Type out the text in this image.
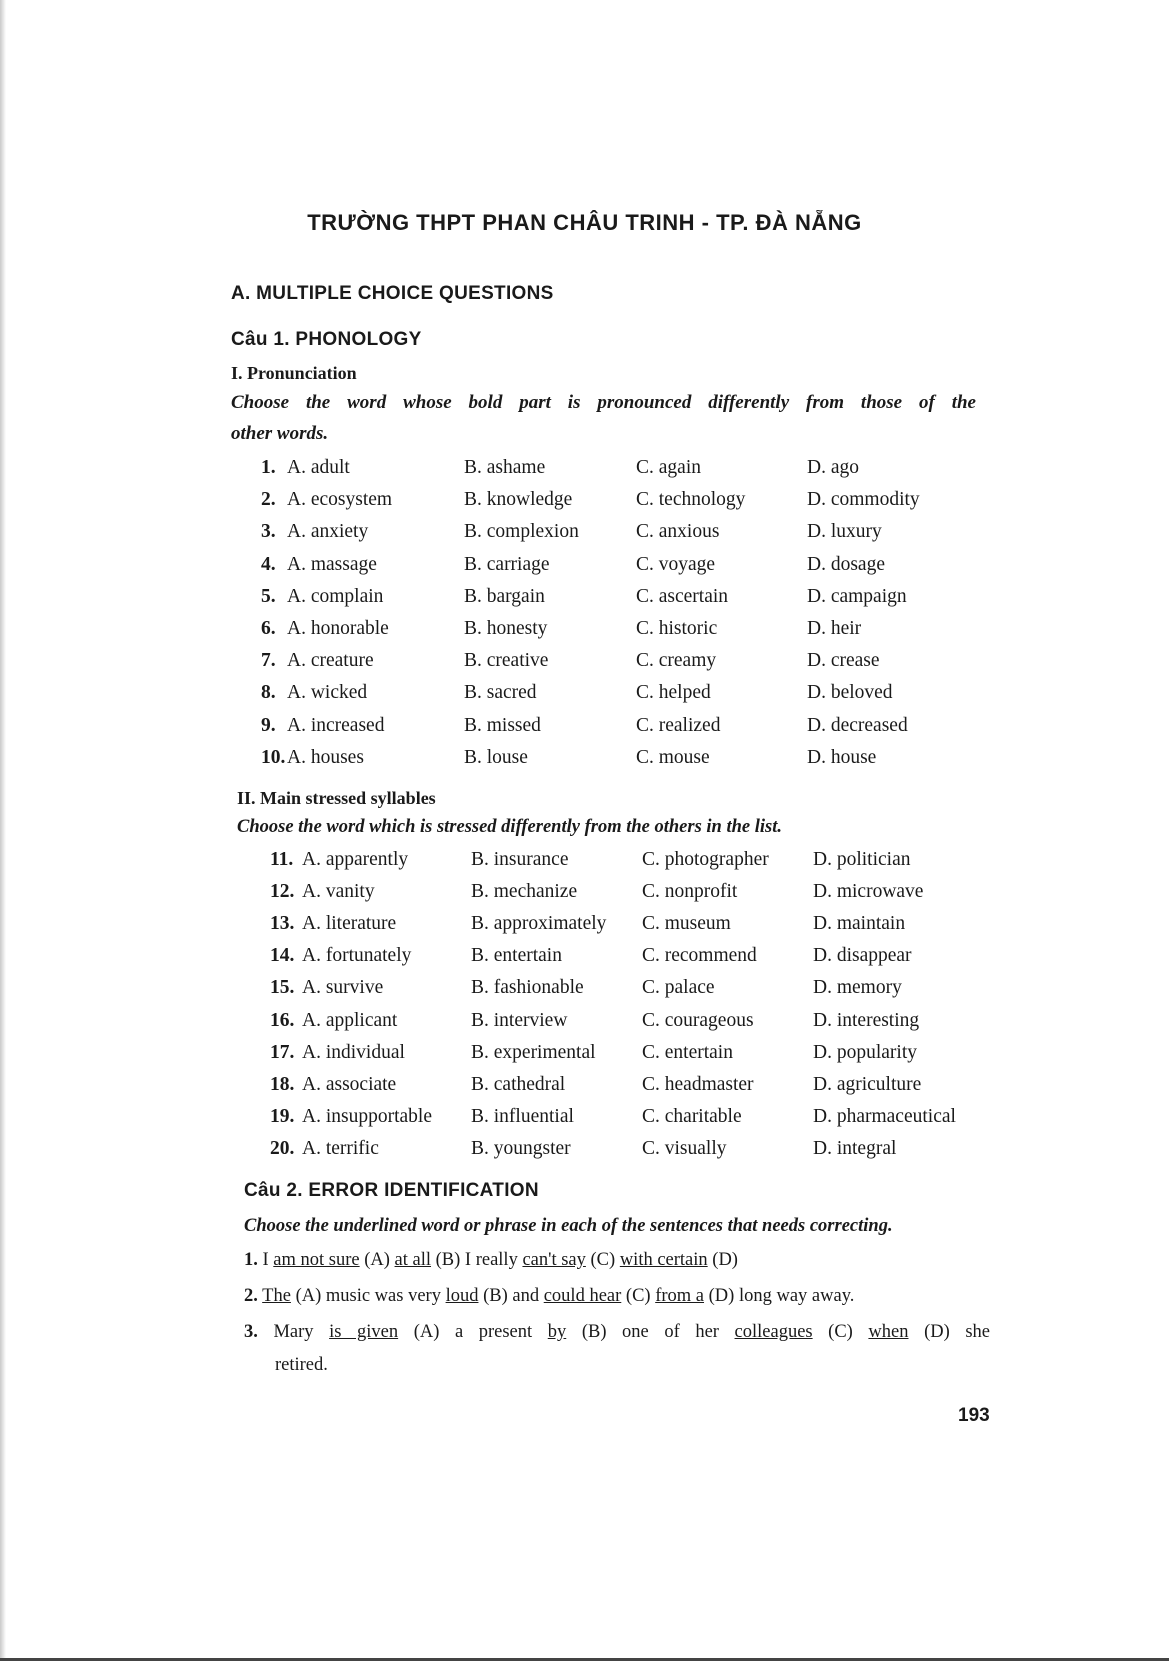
TRƯỜNG THPT PHAN CHÂU TRINH - TP. ĐÀ NẴNG
A. MULTIPLE CHOICE QUESTIONS
Câu 1. PHONOLOGY
I. Pronunciation
Choose the word whose bold part is pronounced differently from those of the
other words.
1. A. adult	B. ashame	C. again	D. ago
2. A. ecosystem	B. knowledge	C. technology	D. commodity
3. A. anxiety	B. complexion	C. anxious	D. luxury
4. A. massage	B. carriage	C. voyage	D. dosage
5. A. complain	B. bargain	C. ascertain	D. campaign
6. A. honorable	B. honesty	C. historic	D. heir
7. A. creature	B. creative	C. creamy	D. crease
8. A. wicked	B. sacred	C. helped	D. beloved
9. A. increased	B. missed	C. realized	D. decreased
10. A. houses	B. louse	C. mouse	D. house
II. Main stressed syllables
Choose the word which is stressed differently from the others in the list.
11. A. apparently	B. insurance	C. photographer D. politician
12. A. vanity	B. mechanize	C. nonprofit	D. microwave
13. A. literature	B. approximately C. museum	D. maintain
14. A. fortunately	B. entertain	C. recommend	D. disappear
15. A. survive	B. fashionable	C. palace	D. memory
16. A. applicant	B. interview	C. courageous	D. interesting
17. A. individual	B. experimental C. entertain	D. popularity
18. A. associate	B. cathedral	C. headmaster	D. agriculture
19. A. insupportable B. influential	C. charitable	D. pharmaceutical
20. A. terrific	B. youngster	C. visually	D. integral
Câu 2. ERROR IDENTIFICATION
Choose the underlined word or phrase in each of the sentences that needs correcting.
1. I am not sure (A) at all (B) I really can't say (C) with certain (D)
2. The (A) music was very loud (B) and could hear (C) from a (D) long way away.
3. Mary is given (A) a present by (B) one of her colleagues (C) when (D) she
retired.
193
